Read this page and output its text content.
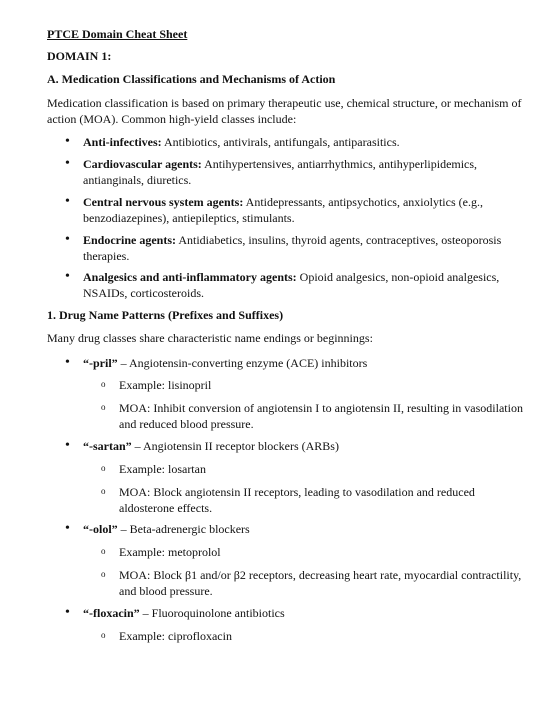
PTCE Domain Cheat Sheet
DOMAIN 1:
A. Medication Classifications and Mechanisms of Action
Medication classification is based on primary therapeutic use, chemical structure, or mechanism of action (MOA). Common high-yield classes include:
• Anti-infectives: Antibiotics, antivirals, antifungals, antiparasitics.
• Cardiovascular agents: Antihypertensives, antiarrhythmics, antihyperlipidemics, antianginals, diuretics.
• Central nervous system agents: Antidepressants, antipsychotics, anxiolytics (e.g., benzodiazepines), antiepileptics, stimulants.
• Endocrine agents: Antidiabetics, insulins, thyroid agents, contraceptives, osteoporosis therapies.
• Analgesics and anti-inflammatory agents: Opioid analgesics, non-opioid analgesics, NSAIDs, corticosteroids.
1. Drug Name Patterns (Prefixes and Suffixes)
Many drug classes share characteristic name endings or beginnings:
• “-pril” – Angiotensin-converting enzyme (ACE) inhibitors
o Example: lisinopril
o MOA: Inhibit conversion of angiotensin I to angiotensin II, resulting in vasodilation and reduced blood pressure.
• “-sartan” – Angiotensin II receptor blockers (ARBs)
o Example: losartan
o MOA: Block angiotensin II receptors, leading to vasodilation and reduced aldosterone effects.
• “-olol” – Beta-adrenergic blockers
o Example: metoprolol
o MOA: Block β1 and/or β2 receptors, decreasing heart rate, myocardial contractility, and blood pressure.
• “-floxacin” – Fluoroquinolone antibiotics
o Example: ciprofloxacin
